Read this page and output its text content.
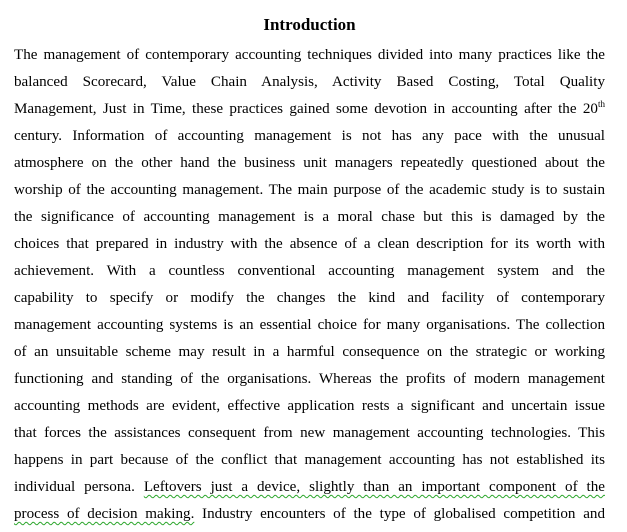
Introduction
The management of contemporary accounting techniques divided into many practices like the
balanced Scorecard, Value Chain Analysis, Activity Based Costing, Total Quality
Management, Just in Time, these practices gained some devotion in accounting after the 20th
century. Information of accounting management is not has any pace with the unusual
atmosphere on the other hand the business unit managers repeatedly questioned about the
worship of the accounting management. The main purpose of the academic study is to sustain
the significance of accounting management is a moral chase but this is damaged by the
choices that prepared in industry with the absence of a clean description for its worth with
achievement. With a countless conventional accounting management system and the
capability to specify or modify the changes the kind and facility of contemporary
management accounting systems is an essential choice for many organisations. The collection
of an unsuitable scheme may result in a harmful consequence on the strategic or working
functioning and standing of the organisations. Whereas the profits of modern management
accounting methods are evident, effective application rests a significant and uncertain issue
that forces the assistances consequent from new management accounting technologies. This
happens in part because of the conflict that management accounting has not established its
individual persona. Leftovers just a device, slightly than an important component of the
process of decision making. Industry encounters of the type of globalised competition and
